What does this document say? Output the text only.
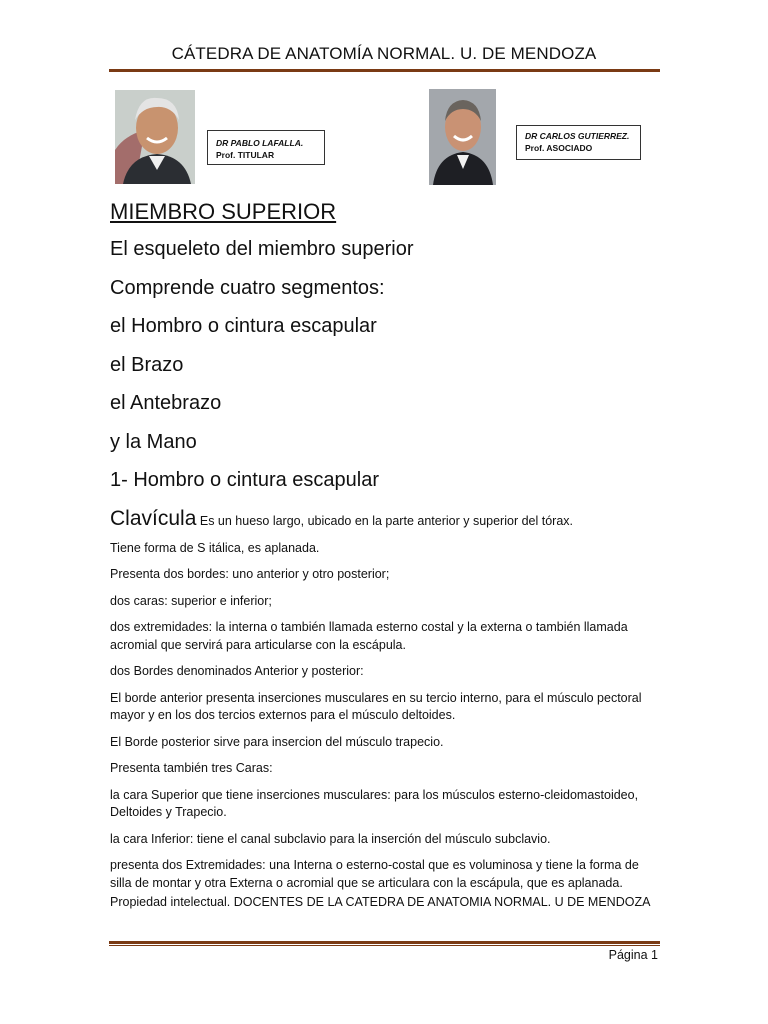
CÁTEDRA DE ANATOMÍA NORMAL. U. DE MENDOZA
DR PABLO LAFALLA.
Prof. TITULAR
DR CARLOS GUTIERREZ.
Prof. ASOCIADO

MIEMBRO SUPERIOR

El esqueleto del miembro superior

Comprende cuatro segmentos:

el Hombro o cintura escapular

el Brazo

el Antebrazo

y la Mano

1- Hombro o cintura escapular

Clavícula Es un hueso largo, ubicado en la parte anterior y superior del tórax.

Tiene forma de S itálica, es aplanada.

Presenta dos bordes: uno anterior y otro posterior;

dos caras: superior e inferior;

dos extremidades: la interna o también llamada esterno costal y la externa o también llamada acromial que servirá para articularse con la escápula.

dos Bordes denominados Anterior y posterior:

El borde anterior presenta inserciones musculares en su tercio interno, para el músculo pectoral mayor y en los dos tercios externos para el músculo deltoides.

El Borde posterior sirve para insercion del músculo trapecio.

Presenta también tres Caras:

la cara Superior que tiene inserciones musculares: para los músculos esterno-cleidomastoideo, Deltoides y Trapecio.

la cara Inferior: tiene el canal subclavio para la inserción del músculo subclavio.

presenta dos Extremidades: una Interna o esterno-costal que es voluminosa y tiene la forma de silla de montar y otra Externa o acromial que se articulara con la escápula, que es aplanada.

Propiedad intelectual. DOCENTES DE LA CATEDRA DE ANATOMIA NORMAL. U DE MENDOZA

Página 1
